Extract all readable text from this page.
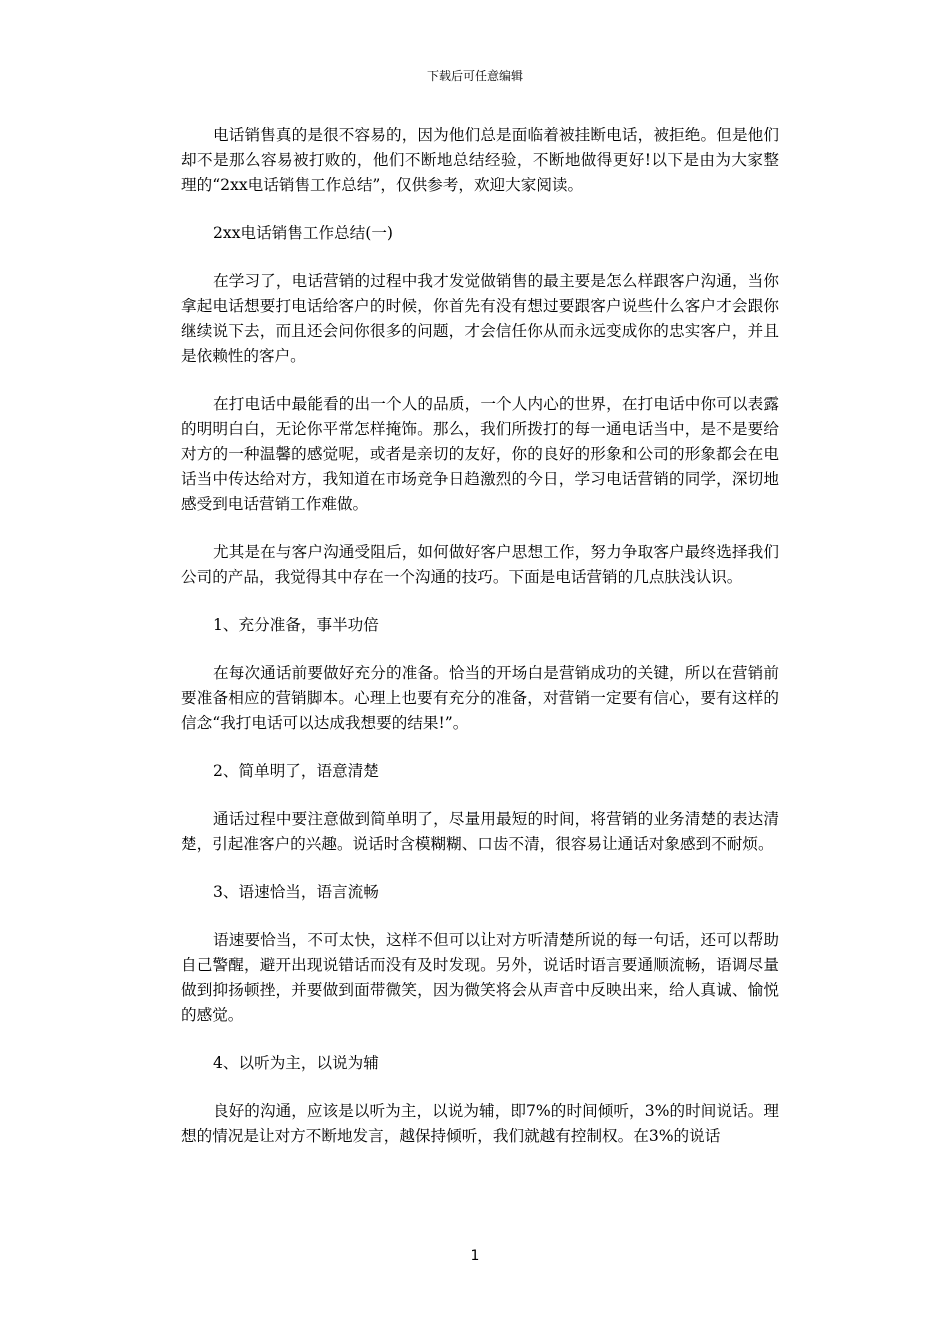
下载后可任意编辑

电话销售真的是很不容易的，因为他们总是面临着被挂断电话，被拒绝。但是他们却不是那么容易被打败的，他们不断地总结经验，不断地做得更好!以下是由为大家整理的“2xx电话销售工作总结”，仅供参考，欢迎大家阅读。

2xx电话销售工作总结(一)

在学习了，电话营销的过程中我才发觉做销售的最主要是怎么样跟客户沟通，当你拿起电话想要打电话给客户的时候，你首先有没有想过要跟客户说些什么客户才会跟你继续说下去，而且还会问你很多的问题，才会信任你从而永远变成你的忠实客户，并且是依赖性的客户。

在打电话中最能看的出一个人的品质，一个人内心的世界，在打电话中你可以表露的明明白白，无论你平常怎样掩饰。那么，我们所拨打的每一通电话当中，是不是要给对方的一种温馨的感觉呢，或者是亲切的友好，你的良好的形象和公司的形象都会在电话当中传达给对方，我知道在市场竞争日趋激烈的今日，学习电话营销的同学，深切地感受到电话营销工作难做。

尤其是在与客户沟通受阻后，如何做好客户思想工作，努力争取客户最终选择我们公司的产品，我觉得其中存在一个沟通的技巧。下面是电话营销的几点肤浅认识。

1、充分准备，事半功倍

在每次通话前要做好充分的准备。恰当的开场白是营销成功的关键，所以在营销前要准备相应的营销脚本。心理上也要有充分的准备，对营销一定要有信心，要有这样的信念“我打电话可以达成我想要的结果!”。

2、简单明了，语意清楚

通话过程中要注意做到简单明了，尽量用最短的时间，将营销的业务清楚的表达清楚，引起准客户的兴趣。说话时含模糊糊、口齿不清，很容易让通话对象感到不耐烦。

3、语速恰当，语言流畅

语速要恰当，不可太快，这样不但可以让对方听清楚所说的每一句话，还可以帮助自己警醒，避开出现说错话而没有及时发现。另外，说话时语言要通顺流畅，语调尽量做到抑扬顿挫，并要做到面带微笑，因为微笑将会从声音中反映出来，给人真诚、愉悦的感觉。

4、以听为主，以说为辅

良好的沟通，应该是以听为主，以说为辅，即7%的时间倾听，3%的时间说话。理想的情况是让对方不断地发言，越保持倾听，我们就越有控制权。在3%的说话

1
